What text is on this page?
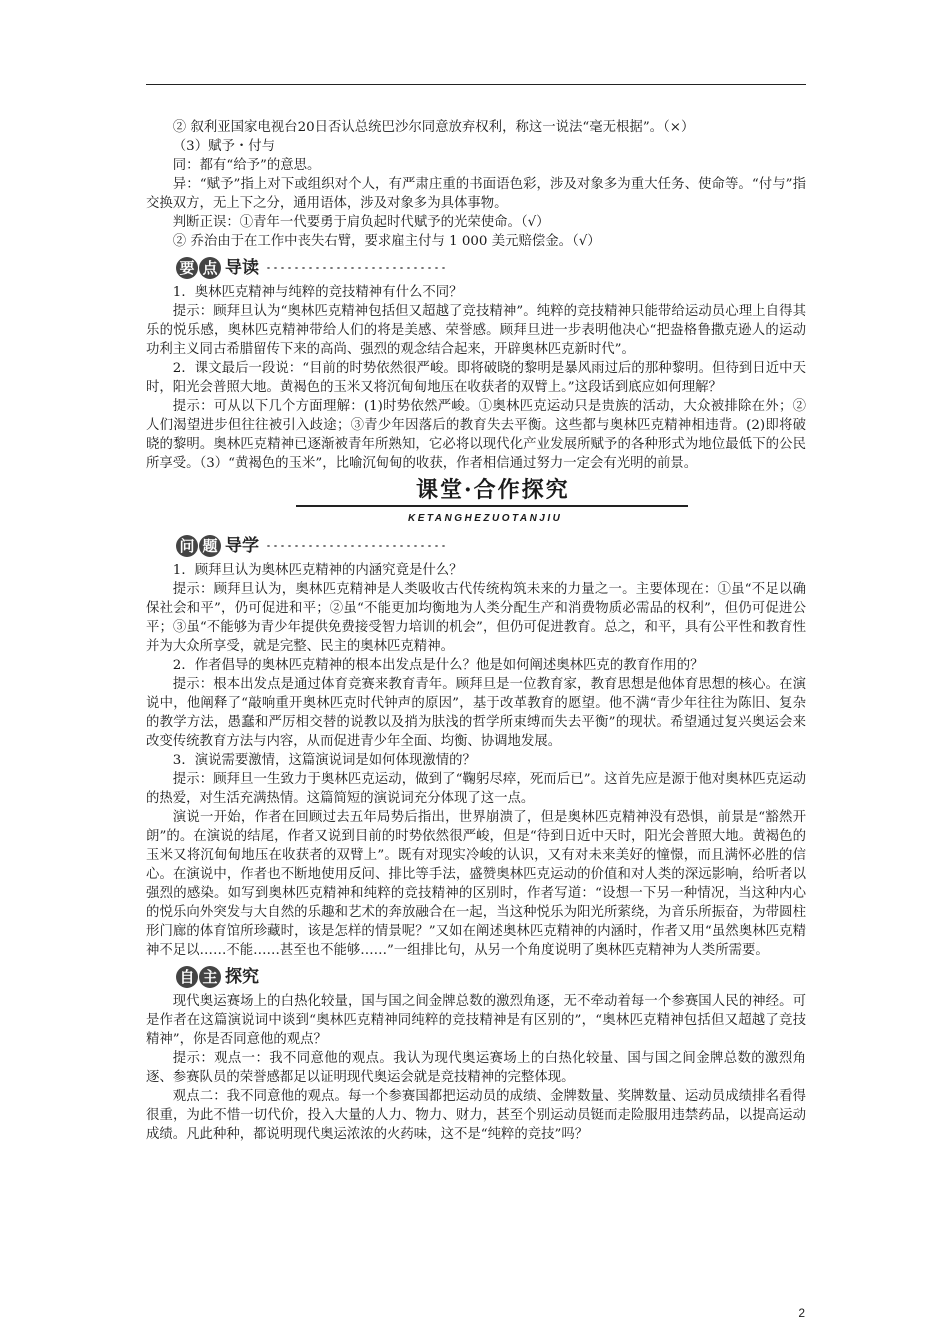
② 叙利亚国家电视台20日否认总统巴沙尔同意放弃权利，称这一说法“毫无根据”。（×）

（3）赋予・付与

同：都有“给予”的意思。

异：“赋予”指上对下或组织对个人，有严肃庄重的书面语色彩，涉及对象多为重大任务、使命等。“付与”指交换双方，无上下之分，通用语体，涉及对象多为具体事物。

判断正误：①青年一代要勇于肩负起时代赋予的光荣使命。（√）

② 乔治由于在工作中丧失右臂，要求雇主付与 1 000 美元赔偿金。（√）

要 点 导读

1．奥林匹克精神与纯粹的竞技精神有什么不同？

提示：顾拜旦认为“奥林匹克精神包括但又超越了竞技精神”。纯粹的竞技精神只能带给运动员心理上自得其乐的悦乐感，奥林匹克精神带给人们的将是美感、荣誉感。顾拜旦进一步表明他决心“把盎格鲁撒克逊人的运动功利主义同古希腊留传下来的高尚、强烈的观念结合起来，开辟奥林匹克新时代”。

2．课文最后一段说：“目前的时势依然很严峻。即将破晓的黎明是暴风雨过后的那种黎明。但待到日近中天时，阳光会普照大地。黄褐色的玉米又将沉甸甸地压在收获者的双臂上。”这段话到底应如何理解？

提示：可从以下几个方面理解：(1)时势依然严峻。①奥林匹克运动只是贵族的活动，大众被排除在外；②人们渴望进步但往往被引入歧途；③青少年因落后的教育失去平衡。这些都与奥林匹克精神相违背。(2)即将破晓的黎明。奥林匹克精神已逐渐被青年所熟知，它必将以现代化产业发展所赋予的各种形式为地位最低下的公民所享受。（3）“黄褐色的玉米”，比喻沉甸甸的收获，作者相信通过努力一定会有光明的前景。

课堂·合作探究
KETANGHEZUOTANJIU
问 题 导学

1．顾拜旦认为奥林匹克精神的内涵究竟是什么？

提示：顾拜旦认为，奥林匹克精神是人类吸收古代传统构筑未来的力量之一。主要体现在：①虽“不足以确保社会和平”，仍可促进和平；②虽“不能更加均衡地为人类分配生产和消费物质必需品的权利”，但仍可促进公平；③虽“不能够为青少年提供免费接受智力培训的机会”，但仍可促进教育。总之，和平，具有公平性和教育性并为大众所享受，就是完整、民主的奥林匹克精神。

2．作者倡导的奥林匹克精神的根本出发点是什么？他是如何阐述奥林匹克的教育作用的？

提示：根本出发点是通过体育竞赛来教育青年。顾拜旦是一位教育家，教育思想是他体育思想的核心。在演说中，他阐释了“敲响重开奥林匹克时代钟声的原因”，基于改革教育的愿望。他不满“青少年往往为陈旧、复杂的教学方法，愚蠢和严厉相交替的说教以及捎为肤浅的哲学所束缚而失去平衡”的现状。希望通过复兴奥运会来改变传统教育方法与内容，从而促进青少年全面、均衡、协调地发展。

3．演说需要激情，这篇演说词是如何体现激情的？

提示：顾拜旦一生致力于奥林匹克运动，做到了“鞠躬尽瘁，死而后已”。这首先应是源于他对奥林匹克运动的热爱，对生活充满热情。这篇简短的演说词充分体现了这一点。

演说一开始，作者在回顾过去五年局势后指出，世界崩溃了，但是奥林匹克精神没有恐惧，前景是“豁然开朗”的。在演说的结尾，作者又说到目前的时势依然很严峻，但是“待到日近中天时，阳光会普照大地。黄褐色的玉米又将沉甸甸地压在收获者的双臂上”。既有对现实冷峻的认识，又有对未来美好的憧憬，而且满怀必胜的信心。在演说中，作者也不断地使用反问、排比等手法，盛赞奥林匹克运动的价值和对人类的深远影响，给听者以强烈的感染。如写到奥林匹克精神和纯粹的竞技精神的区别时，作者写道：“设想一下另一种情况，当这种内心的悦乐向外突发与大自然的乐趣和艺术的奔放融合在一起，当这种悦乐为阳光所萦绕，为音乐所振奋，为带圆柱形门廊的体育馆所珍藏时，该是怎样的情景呢？”又如在阐述奥林匹克精神的内涵时，作者又用“虽然奥林匹克精神不足以……不能……甚至也不能够……”一组排比句，从另一个角度说明了奥林匹克精神为人类所需要。

自 主 探究

现代奥运赛场上的白热化较量，国与国之间金牌总数的激烈角逐，无不牵动着每一个参赛国人民的神经。可是作者在这篇演说词中谈到“奥林匹克精神同纯粹的竞技精神是有区别的”，“奥林匹克精神包括但又超越了竞技精神”，你是否同意他的观点？

提示：观点一：我不同意他的观点。我认为现代奥运赛场上的白热化较量、国与国之间金牌总数的激烈角逐、参赛队员的荣誉感都足以证明现代奥运会就是竞技精神的完整体现。

观点二：我不同意他的观点。每一个参赛国都把运动员的成绩、金牌数量、奖牌数量、运动员成绩排名看得很重，为此不惜一切代价，投入大量的人力、物力、财力，甚至个别运动员铤而走险服用违禁药品，以提高运动成绩。凡此种种，都说明现代奥运浓浓的火药味，这不是“纯粹的竞技”吗？

2
